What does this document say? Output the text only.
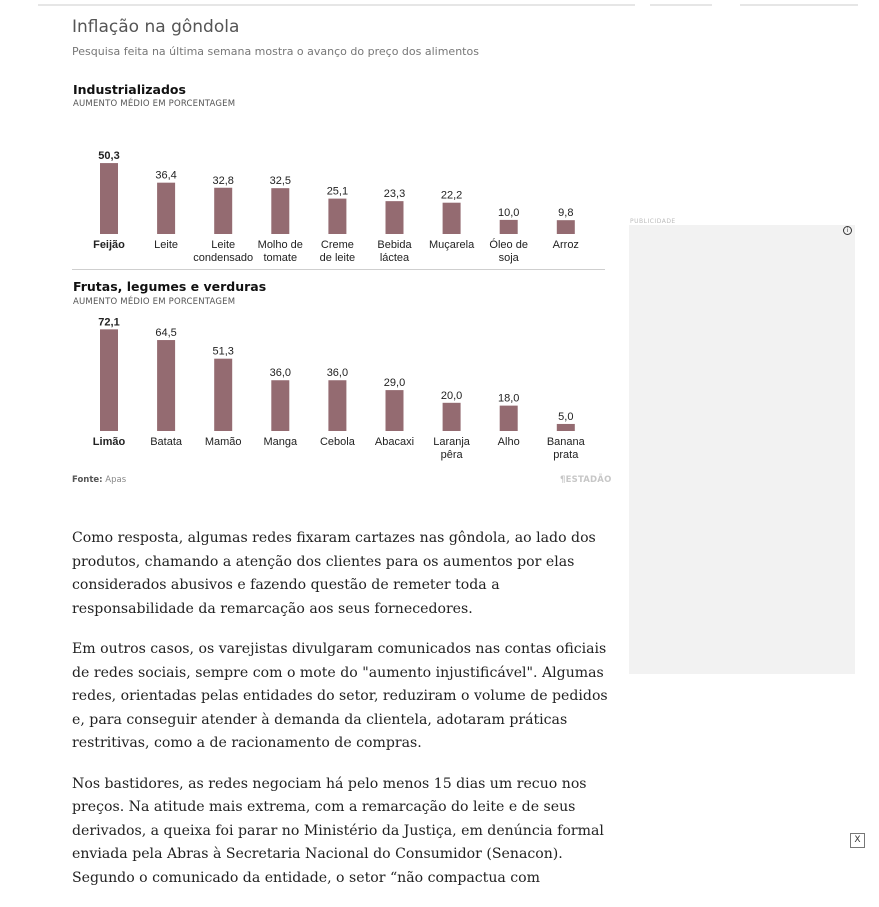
Inflação na gôndola
Pesquisa feita na última semana mostra o avanço do preço dos alimentos
Industrializados
AUMENTO MÉDIO EM PORCENTAGEM
50,3
Feijão
36,4
Leite
32,8
Leite condensado
32,5
Molho de tomate
25,1
Creme de leite
23,3
Bebida láctea
22,2
Muçarela
10,0
Óleo de soja
9,8
Arroz
Frutas, legumes e verduras
AUMENTO MÉDIO EM PORCENTAGEM
72,1
Limão
64,5
Batata
51,3
Mamão
36,0
Manga
36,0
Cebola
29,0
Abacaxi
20,0
Laranja pêra
18,0
Alho
5,0
Banana prata
Fonte: Apas	¶ESTADÃO

Como resposta, algumas redes fixaram cartazes nas gôndola, ao lado dos produtos, chamando a atenção dos clientes para os aumentos por elas considerados abusivos e fazendo questão de remeter toda a responsabilidade da remarcação aos seus fornecedores.

Em outros casos, os varejistas divulgaram comunicados nas contas oficiais de redes sociais, sempre com o mote do "aumento injustificável". Algumas redes, orientadas pelas entidades do setor, reduziram o volume de pedidos e, para conseguir atender à demanda da clientela, adotaram práticas restritivas, como a de racionamento de compras.

Nos bastidores, as redes negociam há pelo menos 15 dias um recuo nos preços. Na atitude mais extrema, com a remarcação do leite e de seus derivados, a queixa foi parar no Ministério da Justiça, em denúncia formal enviada pela Abras à Secretaria Nacional do Consumidor (Senacon). Segundo o comunicado da entidade, o setor “não compactua com

PUBLICIDADE
i
X
